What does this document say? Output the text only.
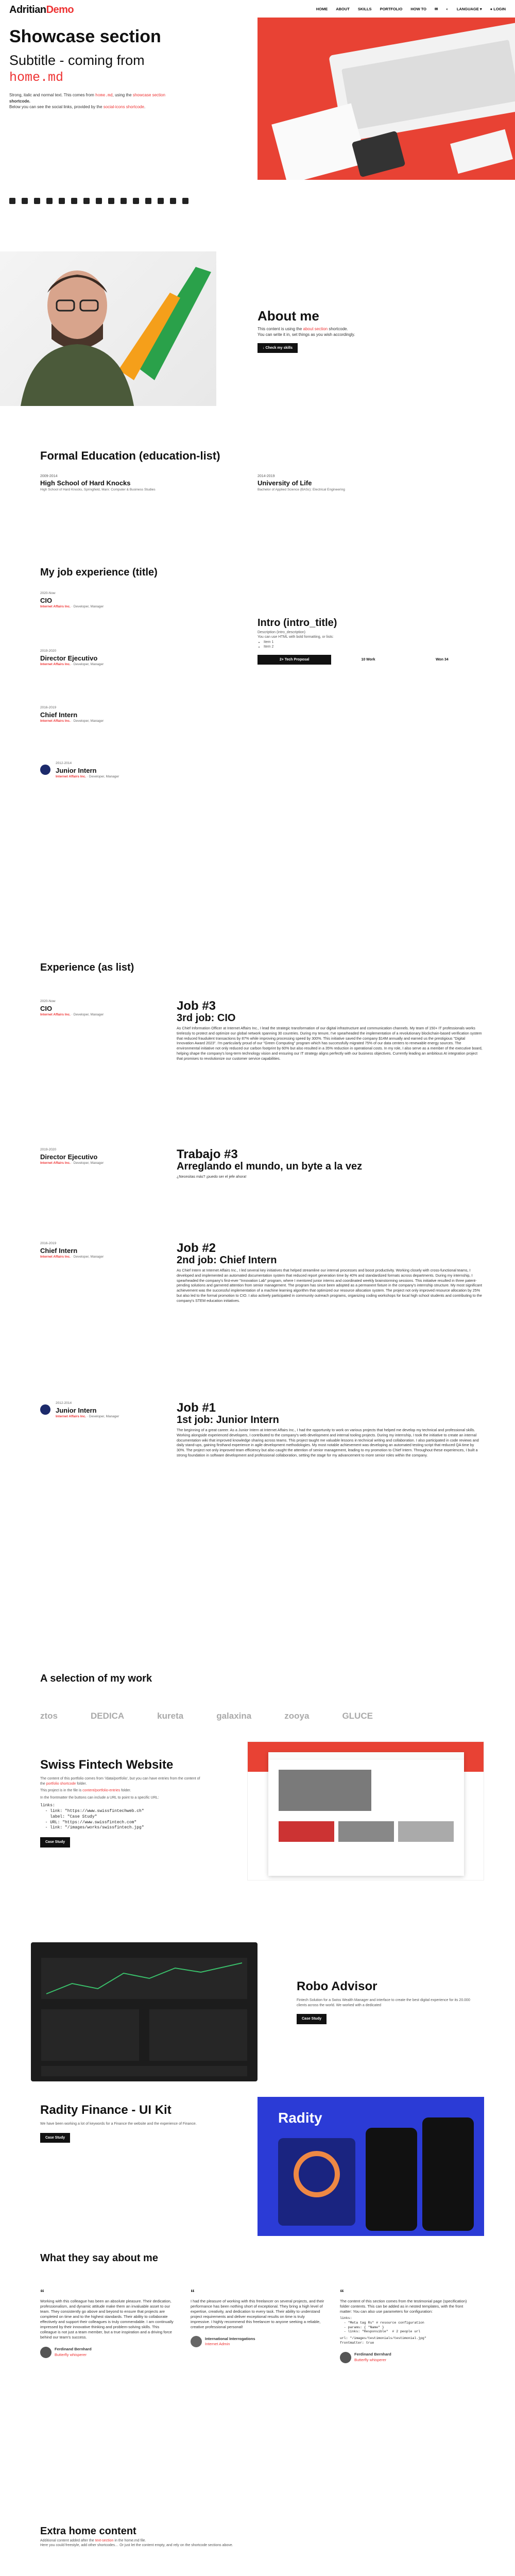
AdritianDemo	HOME ABOUT SKILLS PORTFOLIO HOW TO ✉ ◐ LANGUAGE ▾ ● LOGIN
Showcase section
Subtitle - coming from
home.md

Strong, italic and normal text. This comes from home.md, using the showcase section shortcode.

Below you can see the social links, provided by the social-icons shortcode.

About me

This content is using the about section shortcode.

You can write it in, set things as you wish accordingly.

↓ Check my skills

Formal Education (education-list)
2009-2014
High School of Hard Knocks
High School of Hard Knocks, Springfield, Marx: Computer & Business Studies
2014-2019
University of Life
Bachelor of Applied Science (BASc): Electrical Engineering
My job experience (title)
2020-Now
CIO
Internet Affairs Inc. · Developer, Manager
2019-2020
Director Ejecutivo
Internet Affairs Inc. · Developer, Manager
2016-2019
Chief Intern
Internet Affairs Inc. · Developer, Manager
2012-2014
Junior Intern
Internet Affairs Inc. · Developer, Manager
Intro (intro_title)

Description (intro_description)

You can use HTML with bold formatting, or lists:

• Item 1
• Item 2
2+ Tech Proposal	10 Work	Won 34
Experience (as list)
2020-Now
CIO
Internet Affairs Inc. · Developer, Manager
Job #3
3rd job: CIO

As Chief Information Officer at Internet Affairs Inc., I lead the strategic transformation of our digital infrastructure and communication channels. My team of 150+ IT professionals works tirelessly to protect and optimize our global network spanning 30 countries. During my tenure, I've spearheaded the implementation of a revolutionary blockchain-based verification system that reduced fraudulent transactions by 87% while improving processing speed by 300%. This initiative saved the company $14M annually and earned us the prestigious "Digital Innovation Award 2023". I'm particularly proud of our "Green Computing" program which has successfully migrated 75% of our data centers to renewable energy sources. The environmental initiative not only reduced our carbon footprint by 60% but also resulted in a 35% reduction in operational costs. In my role, I also serve as a member of the executive board, helping shape the company's long-term technology vision and ensuring our IT strategy aligns perfectly with our business objectives. Currently leading an ambitious AI integration project that promises to revolutionize our customer service capabilities.

2019-2020
Director Ejecutivo
Internet Affairs Inc. · Developer, Manager
Trabajo #3
Arreglando el mundo, un byte a la vez

¿Necesitas más? ¡puedo ser el jefe ahora!

2016-2019
Chief Intern
Internet Affairs Inc. · Developer, Manager
Job #2
2nd job: Chief Intern

As Chief Intern at Internet Affairs Inc., I led several key initiatives that helped streamline our internal processes and boost productivity. Working closely with cross-functional teams, I developed and implemented an automated documentation system that reduced report generation time by 40% and standardized formats across departments. During my internship, I spearheaded the company's first-ever "Innovation Lab" program, where I mentored junior interns and coordinated weekly brainstorming sessions. This initiative resulted in three patent-pending solutions and garnered attention from senior management. The program has since been adopted as a permanent fixture in the company's internship structure. My most significant achievement was the successful implementation of a machine learning algorithm that optimized our resource allocation system. The project not only improved resource allocation by 25% but also led to the formal promotion to CIO. I also actively participated in community outreach programs, organizing coding workshops for local high school students and contributing to the company's STEM education initiatives.

2012-2014
Junior Intern
Internet Affairs Inc. · Developer, Manager
Job #1
1st job: Junior Intern

The beginning of a great career. As a Junior Intern at Internet Affairs Inc., I had the opportunity to work on various projects that helped me develop my technical and professional skills. Working alongside experienced developers, I contributed to the company's web development and internal tooling projects. During my internship, I took the initiative to create an internal documentation wiki that improved knowledge sharing across teams. This project taught me valuable lessons in technical writing and collaboration. I also participated in code reviews and daily stand-ups, gaining firsthand experience in agile development methodologies. My most notable achievement was developing an automated testing script that reduced QA time by 30%. The project not only improved team efficiency but also caught the attention of senior management, leading to my promotion to Chief Intern. Throughout these experiences, I built a strong foundation in software development and professional collaboration, setting the stage for my advancement to more senior roles within the company.

A selection of my work
ztos	DEDICA	kureta	galaxina	zooya	GLUCE
Swiss Fintech Website

The content of this portfolio comes from '/data/portfolio', but you can have entries from the content of the portfolio shortcode folder.

This project is in the file is content/portfolio-entries folder.

In the frontmatter the buttons can include a URL to point to a specific URL:

links:
- link: "https://www.swissfintechweb.ch"
label: "Case Study"
- URL: "https://www.swissfintech.com"
- link: "/images/works/swissfintech.jpg"

Case Study

Robo Advisor

Fintech Solution for a Swiss Wealth Manager and interface to create the best digital experience for its 20.000 clients across the world. We worked with a dedicated

Case Study

Radity Finance - UI Kit

We have been working a lot of keywords for a Finance the website and the experience of Finance.

Case Study

Radity
What they say about me
“

Working with this colleague has been an absolute pleasure. Their dedication, professionalism, and dynamic attitude make them an invaluable asset to our team. They consistently go above and beyond to ensure that projects are completed on time and to the highest standards. Their ability to collaborate effectively and support their colleagues is truly commendable. I am continually impressed by their innovative thinking and problem-solving skills. This colleague is not just a team member, but a true inspiration and a driving force behind our team's success.

Ferdinand Bernhard
Butterfly whisperer
“

I had the pleasure of working with this freelancer on several projects, and their performance has been nothing short of exceptional. They bring a high level of expertise, creativity, and dedication to every task. Their ability to understand project requirements and deliver exceptional results on time is truly impressive. I highly recommend this freelancer to anyone seeking a reliable, creative professional personal!

International Interrogations
Internet Admin
“

The content of this section comes from the testimonial page (specification) folder contents. This can be added as in nested templates, with the front matter: You can also use parameters for configuration:

links:
- "Meta tag Rs" # resource configuration
- params: { "Name" }
- links: "Responsible"  # 2 people url
url: "/images/testimonials/testimonial.jpg"
frontmatter: true
Ferdinand Bernhard
Butterfly whisperer
Extra home content

Additional content added after the text-section in the home.md file.

Here you could freestyle, add other shortcodes… Or just let the content empty, and rely on the shortcode sections above.
